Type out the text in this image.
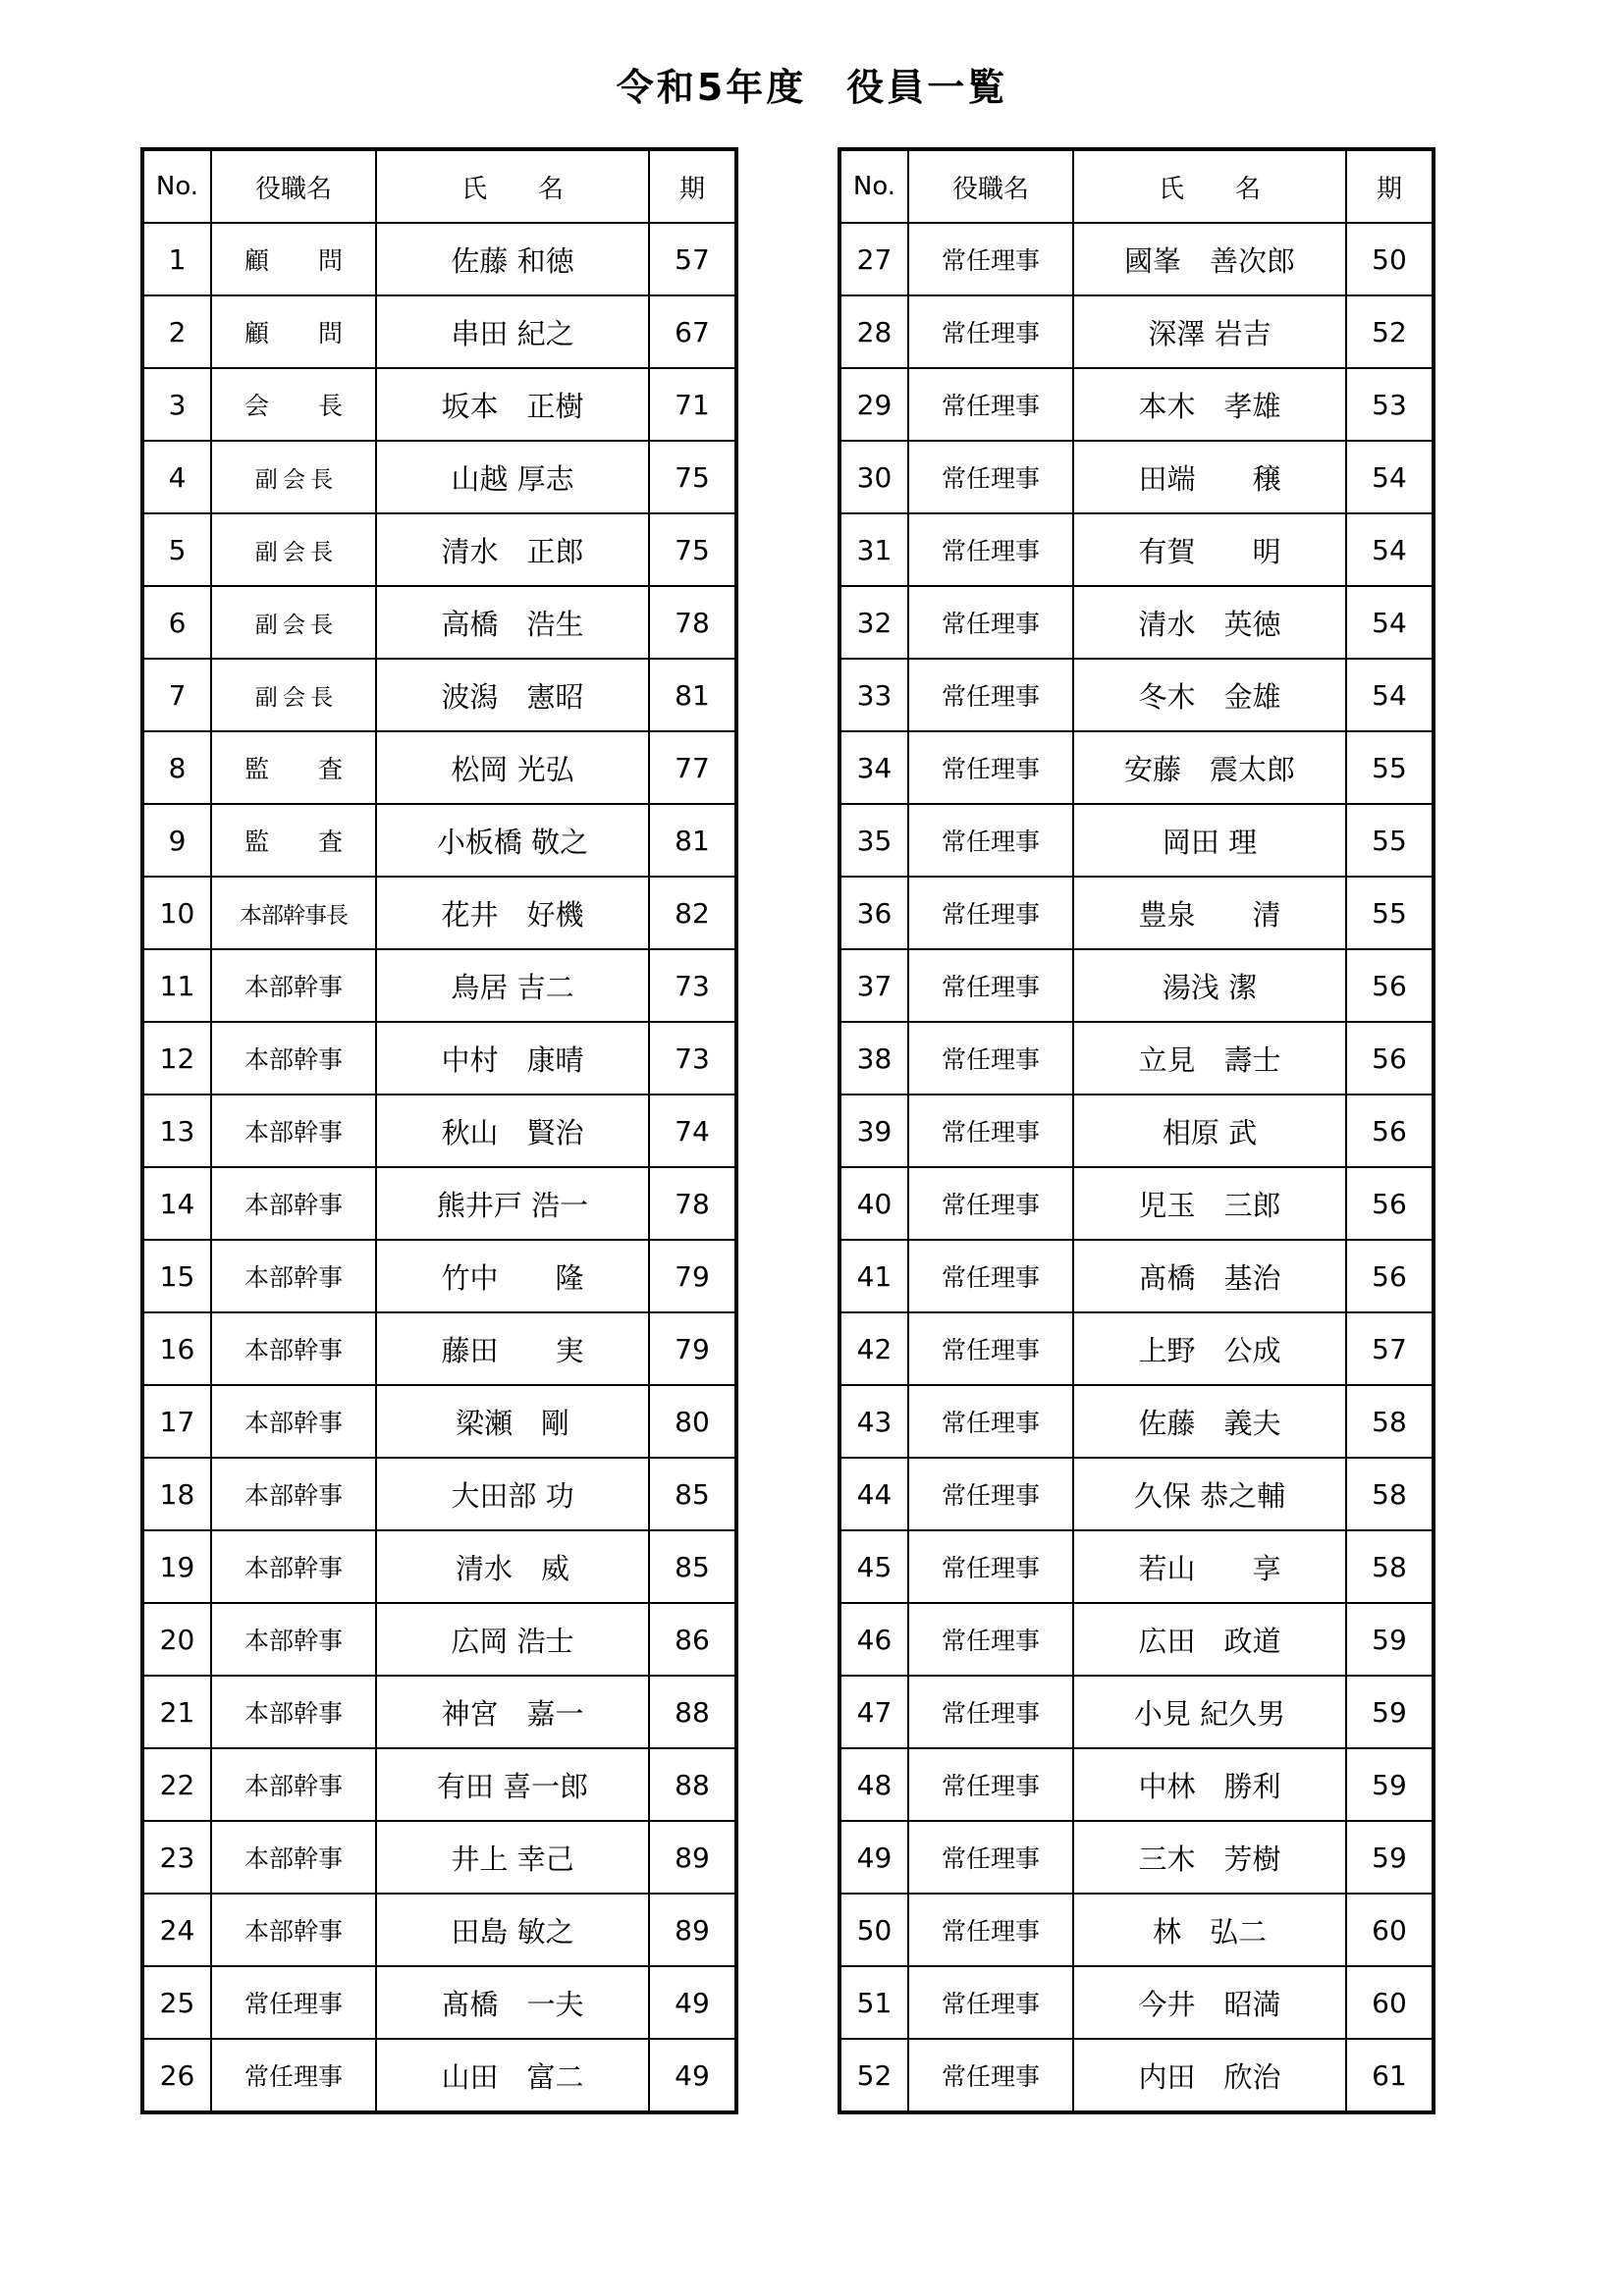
令和5年度　役員一覧
No.	役職名	氏　　名	期
1	顧　　問	佐藤 和徳	57
2	顧　　問	串田 紀之	67
3	会　　長	坂本　正樹	71
4	副 会 長	山越 厚志	75
5	副 会 長	清水　正郎	75
6	副 会 長	高橋　浩生	78
7	副 会 長	波潟　憲昭	81
8	監　　査	松岡 光弘	77
9	監　　査	小板橋 敬之	81
10	本部幹事長	花井　好機	82
11	本部幹事	鳥居 吉二	73
12	本部幹事	中村　康晴	73
13	本部幹事	秋山　賢治	74
14	本部幹事	熊井戸 浩一	78
15	本部幹事	竹中　　隆	79
16	本部幹事	藤田　　実	79
17	本部幹事	梁瀬　剛	80
18	本部幹事	大田部 功	85
19	本部幹事	清水　威	85
20	本部幹事	広岡 浩士	86
21	本部幹事	神宮　嘉一	88
22	本部幹事	有田 喜一郎	88
23	本部幹事	井上 幸己	89
24	本部幹事	田島 敏之	89
25	常任理事	髙橋　一夫	49
26	常任理事	山田　富二	49
No.	役職名	氏　　名	期
27	常任理事	國峯　善次郎	50
28	常任理事	深澤 岩吉	52
29	常任理事	本木　孝雄	53
30	常任理事	田端　　穣	54
31	常任理事	有賀　　明	54
32	常任理事	清水　英徳	54
33	常任理事	冬木　金雄	54
34	常任理事	安藤　震太郎	55
35	常任理事	岡田 理	55
36	常任理事	豊泉　　清	55
37	常任理事	湯浅 潔	56
38	常任理事	立見　壽士	56
39	常任理事	相原 武	56
40	常任理事	児玉　三郎	56
41	常任理事	髙橋　基治	56
42	常任理事	上野　公成	57
43	常任理事	佐藤　義夫	58
44	常任理事	久保 恭之輔	58
45	常任理事	若山　　享	58
46	常任理事	広田　政道	59
47	常任理事	小見 紀久男	59
48	常任理事	中林　勝利	59
49	常任理事	三木　芳樹	59
50	常任理事	林　弘二	60
51	常任理事	今井　昭満	60
52	常任理事	内田　欣治	61
